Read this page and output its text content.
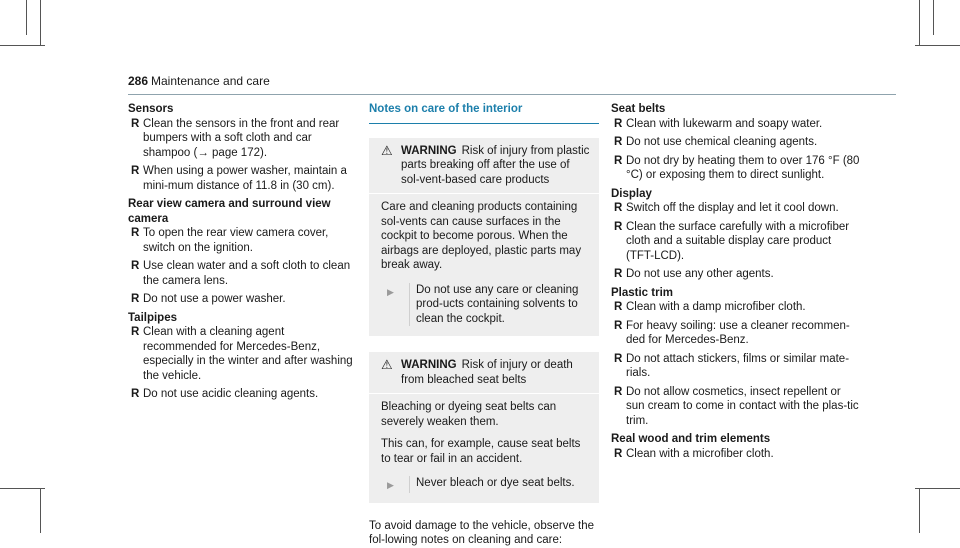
286 Maintenance and care
Sensors
R Clean the sensors in the front and rear bumpers with a soft cloth and car shampoo (→ page 172).
R When using a power washer, maintain a mini-mum distance of 11.8 in (30 cm).
Rear view camera and surround view camera
R To open the rear view camera cover, switch on the ignition.
R Use clean water and a soft cloth to clean the camera lens.
R Do not use a power washer.
Tailpipes
R Clean with a cleaning agent recommended for Mercedes-Benz, especially in the winter and after washing the vehicle.
R Do not use acidic cleaning agents.
Notes on care of the interior
⚠ WARNING Risk of injury from plastic parts breaking off after the use of sol-vent-based care products

Care and cleaning products containing sol-vents can cause surfaces in the cockpit to become porous. When the airbags are deployed, plastic parts may break away.

▶	Do not use any care or cleaning prod-ucts containing solvents to clean the cockpit.
⚠ WARNING Risk of injury or death from bleached seat belts

Bleaching or dyeing seat belts can severely weaken them.

This can, for example, cause seat belts to tear or fail in an accident.

▶	Never bleach or dye seat belts.

To avoid damage to the vehicle, observe the fol-lowing notes on cleaning and care:

Seat belts
R Clean with lukewarm and soapy water.
R Do not use chemical cleaning agents.
R Do not dry by heating them to over 176 °F (80 °C) or exposing them to direct sunlight.
Display
R Switch off the display and let it cool down.
R Clean the surface carefully with a microfiber cloth and a suitable display care product (TFT-LCD).
R Do not use any other agents.
Plastic trim
R Clean with a damp microfiber cloth.
R For heavy soiling: use a cleaner recommen-ded for Mercedes-Benz.
R Do not attach stickers, films or similar mate-rials.
R Do not allow cosmetics, insect repellent or sun cream to come in contact with the plas-tic trim.
Real wood and trim elements
R Clean with a microfiber cloth.
